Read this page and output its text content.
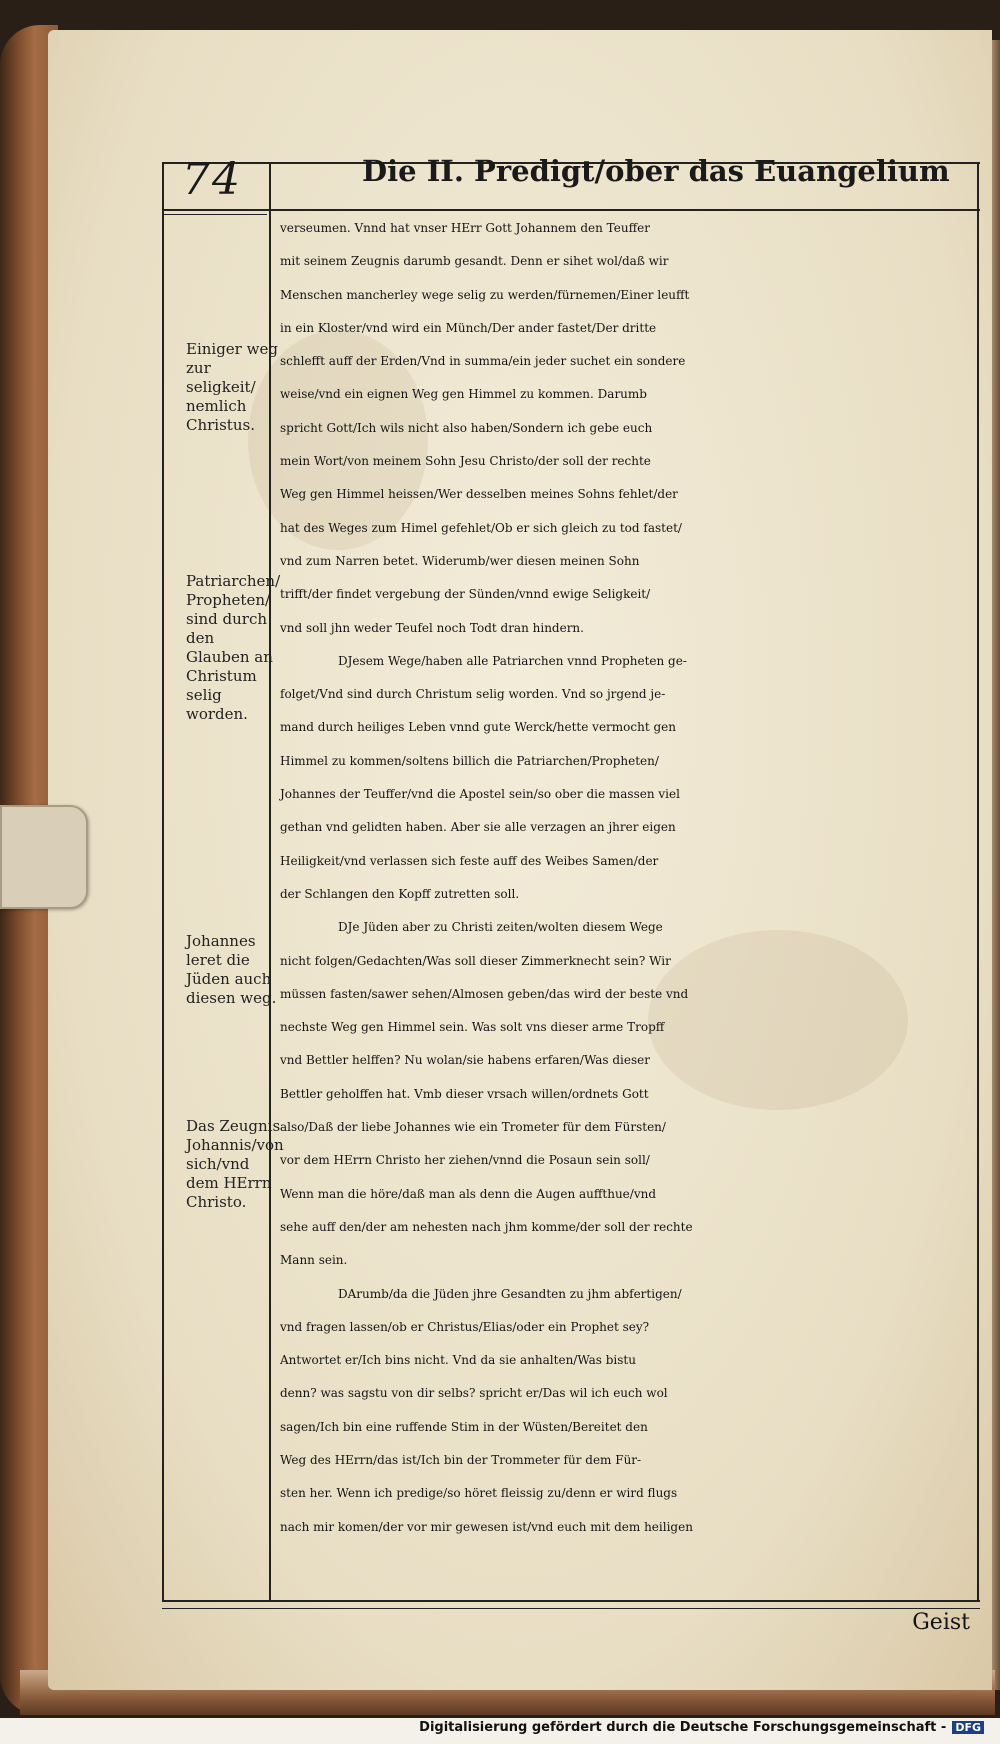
74	Die II. Predigt/ober das Euangelium
Einiger weg zur seligkeit/ nemlich Christus.
Patriarchen/ Propheten/ sind durch den Glauben an Christum selig worden.
Johannes leret die Jüden auch diesen weg.
Das Zeugnis Johannis/von sich/vnd dem HErrn Christo.
verseumen. Vnnd hat vnser HErr Gott Johannem den Teuffer
mit seinem Zeugnis darumb gesandt. Denn er sihet wol/daß wir
Menschen mancherley wege selig zu werden/fürnemen/Einer leufft
in ein Kloster/vnd wird ein Münch/Der ander fastet/Der dritte
schlefft auff der Erden/Vnd in summa/ein jeder suchet ein sondere
weise/vnd ein eignen Weg gen Himmel zu kommen. Darumb
spricht Gott/Ich wils nicht also haben/Sondern ich gebe euch
mein Wort/von meinem Sohn Jesu Christo/der soll der rechte
Weg gen Himmel heissen/Wer desselben meines Sohns fehlet/der
hat des Weges zum Himel gefehlet/Ob er sich gleich zu tod fastet/
vnd zum Narren betet. Widerumb/wer diesen meinen Sohn
trifft/der findet vergebung der Sünden/vnnd ewige Seligkeit/
vnd soll jhn weder Teufel noch Todt dran hindern.
DJesem Wege/haben alle Patriarchen vnnd Propheten ge-
folget/Vnd sind durch Christum selig worden. Vnd so jrgend je-
mand durch heiliges Leben vnnd gute Werck/hette vermocht gen
Himmel zu kommen/soltens billich die Patriarchen/Propheten/
Johannes der Teuffer/vnd die Apostel sein/so ober die massen viel
gethan vnd gelidten haben. Aber sie alle verzagen an jhrer eigen
Heiligkeit/vnd verlassen sich feste auff des Weibes Samen/der
der Schlangen den Kopff zutretten soll.
DJe Jüden aber zu Christi zeiten/wolten diesem Wege
nicht folgen/Gedachten/Was soll dieser Zimmerknecht sein? Wir
müssen fasten/sawer sehen/Almosen geben/das wird der beste vnd
nechste Weg gen Himmel sein. Was solt vns dieser arme Tropff
vnd Bettler helffen? Nu wolan/sie habens erfaren/Was dieser
Bettler geholffen hat. Vmb dieser vrsach willen/ordnets Gott
also/Daß der liebe Johannes wie ein Trometer für dem Fürsten/
vor dem HErrn Christo her ziehen/vnnd die Posaun sein soll/
Wenn man die höre/daß man als denn die Augen auffthue/vnd
sehe auff den/der am nehesten nach jhm komme/der soll der rechte
Mann sein.
DArumb/da die Jüden jhre Gesandten zu jhm abfertigen/
vnd fragen lassen/ob er Christus/Elias/oder ein Prophet sey?
Antwortet er/Ich bins nicht. Vnd da sie anhalten/Was bistu
denn? was sagstu von dir selbs? spricht er/Das wil ich euch wol
sagen/Ich bin eine ruffende Stim in der Wüsten/Bereitet den
Weg des HErrn/das ist/Ich bin der Trommeter für dem Für-
sten her. Wenn ich predige/so höret fleissig zu/denn er wird flugs
nach mir komen/der vor mir gewesen ist/vnd euch mit dem heiligen
Geist
Digitalisierung gefördert durch die Deutsche Forschungsgemeinschaft - DFG
